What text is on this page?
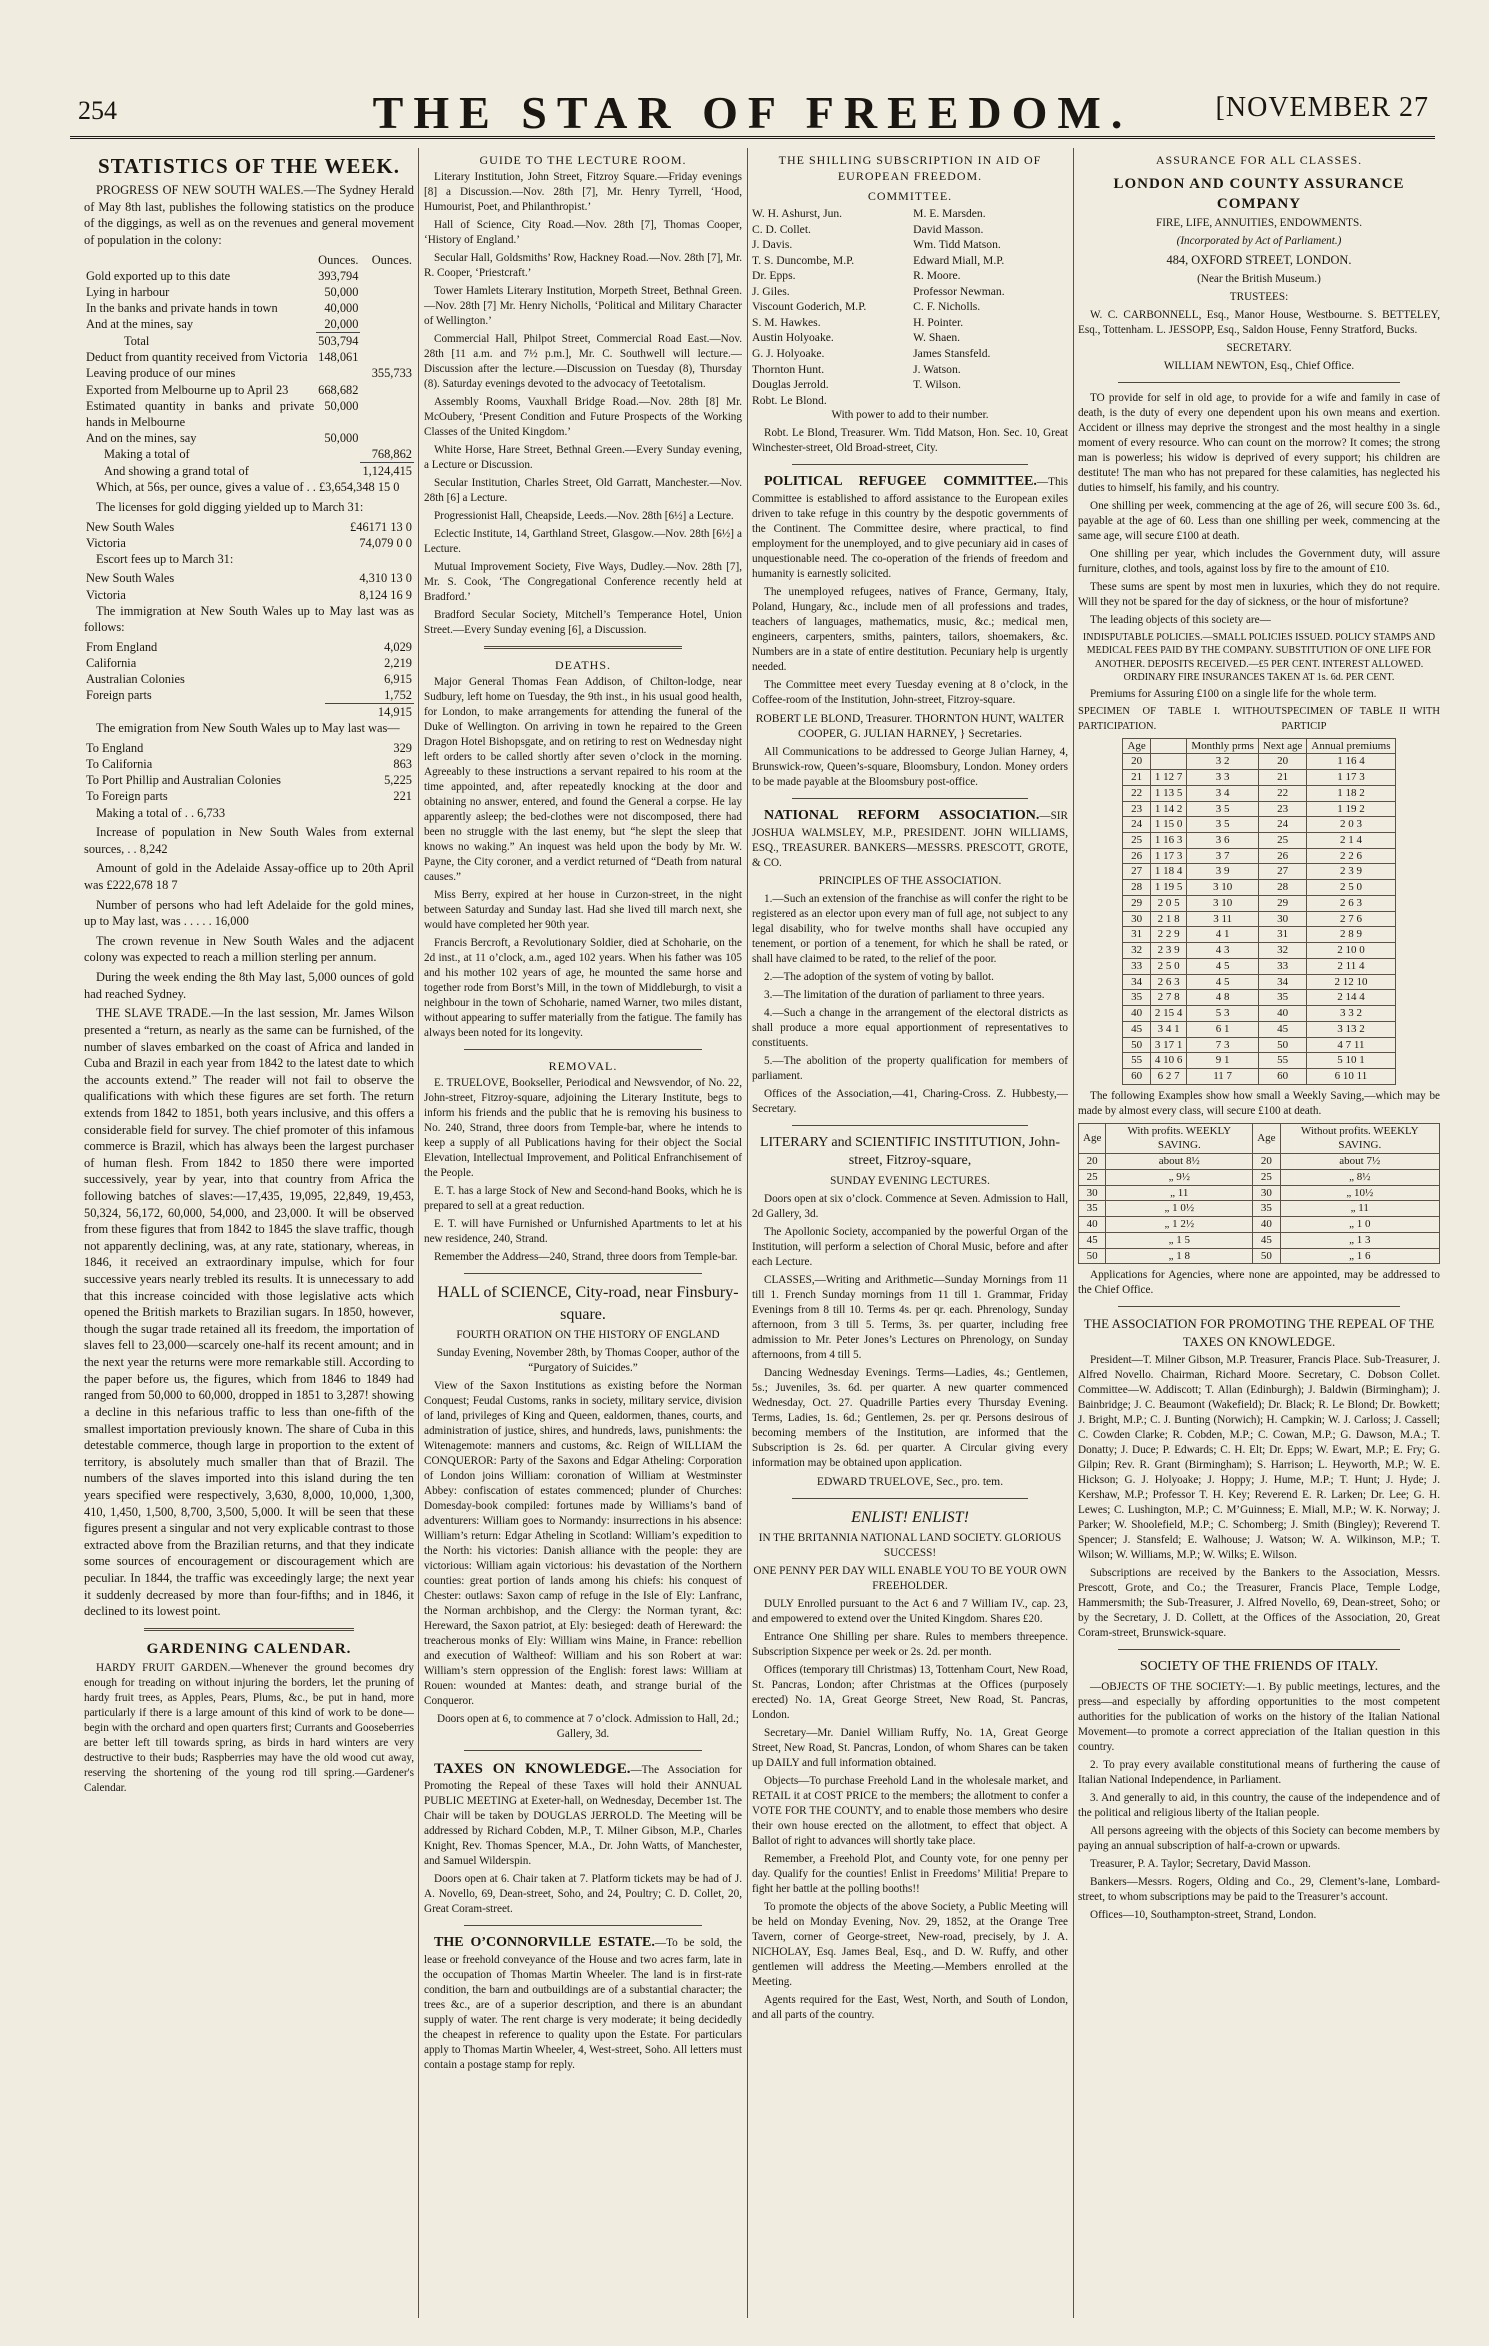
254	THE STAR OF FREEDOM.	[NOVEMBER 27
STATISTICS OF THE WEEK.

PROGRESS OF NEW SOUTH WALES.—The Sydney Herald of May 8th last, publishes the following statistics on the produce of the diggings, as well as on the revenues and general movement of population in the colony:

	Ounces.	Ounces.
Gold exported up to this date	393,794	
Lying in harbour	50,000	
In the banks and private hands in town	40,000	
And at the mines, say	20,000	
Total	503,794	
Deduct from quantity received from Victoria	148,061	
Leaving produce of our mines		355,733
Exported from Melbourne up to April 23	668,682	
Estimated quantity in banks and private hands in Melbourne	50,000	
And on the mines, say	50,000	
Making a total of		768,862
And showing a grand total of		1,124,415

Which, at 56s, per ounce, gives a value of . . £3,654,348 15 0

The licenses for gold digging yielded up to March 31:

New South Wales	£46171 13 0
Victoria	74,079 0 0

Escort fees up to March 31:

New South Wales	4,310 13 0
Victoria	8,124 16 9

The immigration at New South Wales up to May last was as follows:

From England	4,029
California	2,219
Australian Colonies	6,915
Foreign parts	1,752
	14,915

The emigration from New South Wales up to May last was—

To England	329
To California	863
To Port Phillip and Australian Colonies	5,225
To Foreign parts	221

Making a total of . . 6,733

Increase of population in New South Wales from external sources, . . 8,242

Amount of gold in the Adelaide Assay-office up to 20th April was £222,678 18 7

Number of persons who had left Adelaide for the gold mines, up to May last, was . . . . . 16,000

The crown revenue in New South Wales and the adjacent colony was expected to reach a million sterling per annum.

During the week ending the 8th May last, 5,000 ounces of gold had reached Sydney.

THE SLAVE TRADE.—In the last session, Mr. James Wilson presented a “return, as nearly as the same can be furnished, of the number of slaves embarked on the coast of Africa and landed in Cuba and Brazil in each year from 1842 to the latest date to which the accounts extend.” The reader will not fail to observe the qualifications with which these figures are set forth. The return extends from 1842 to 1851, both years inclusive, and this offers a considerable field for survey. The chief promoter of this infamous commerce is Brazil, which has always been the largest purchaser of human flesh. From 1842 to 1850 there were imported successively, year by year, into that country from Africa the following batches of slaves:—17,435, 19,095, 22,849, 19,453, 50,324, 56,172, 60,000, 54,000, and 23,000. It will be observed from these figures that from 1842 to 1845 the slave traffic, though not apparently declining, was, at any rate, stationary, whereas, in 1846, it received an extraordinary impulse, which for four successive years nearly trebled its results. It is unnecessary to add that this increase coincided with those legislative acts which opened the British markets to Brazilian sugars. In 1850, however, though the sugar trade retained all its freedom, the importation of slaves fell to 23,000—scarcely one-half its recent amount; and in the next year the returns were more remarkable still. According to the paper before us, the figures, which from 1846 to 1849 had ranged from 50,000 to 60,000, dropped in 1851 to 3,287! showing a decline in this nefarious traffic to less than one-fifth of the smallest importation previously known. The share of Cuba in this detestable commerce, though large in proportion to the extent of territory, is absolutely much smaller than that of Brazil. The numbers of the slaves imported into this island during the ten years specified were respectively, 3,630, 8,000, 10,000, 1,300, 410, 1,450, 1,500, 8,700, 3,500, 5,000. It will be seen that these figures present a singular and not very explicable contrast to those extracted above from the Brazilian returns, and that they indicate some sources of encouragement or discouragement which are peculiar. In 1844, the traffic was exceedingly large; the next year it suddenly decreased by more than four-fifths; and in 1846, it declined to its lowest point.

GARDENING CALENDAR.

HARDY FRUIT GARDEN.—Whenever the ground becomes dry enough for treading on without injuring the borders, let the pruning of hardy fruit trees, as Apples, Pears, Plums, &c., be put in hand, more particularly if there is a large amount of this kind of work to be done—begin with the orchard and open quarters first; Currants and Gooseberries are better left till towards spring, as birds in hard winters are very destructive to their buds; Raspberries may have the old wood cut away, reserving the shortening of the young rod till spring.—Gardener's Calendar.

GUIDE TO THE LECTURE ROOM.

Literary Institution, John Street, Fitzroy Square.—Friday evenings [8] a Discussion.—Nov. 28th [7], Mr. Henry Tyrrell, ‘Hood, Humourist, Poet, and Philanthropist.’

Hall of Science, City Road.—Nov. 28th [7], Thomas Cooper, ‘History of England.’

Secular Hall, Goldsmiths’ Row, Hackney Road.—Nov. 28th [7], Mr. R. Cooper, ‘Priestcraft.’

Tower Hamlets Literary Institution, Morpeth Street, Bethnal Green.—Nov. 28th [7] Mr. Henry Nicholls, ‘Political and Military Character of Wellington.’

Commercial Hall, Philpot Street, Commercial Road East.—Nov. 28th [11 a.m. and 7½ p.m.], Mr. C. Southwell will lecture.—Discussion after the lecture.—Discussion on Tuesday (8), Thursday (8). Saturday evenings devoted to the advocacy of Teetotalism.

Assembly Rooms, Vauxhall Bridge Road.—Nov. 28th [8] Mr. McOubery, ‘Present Condition and Future Prospects of the Working Classes of the United Kingdom.’

White Horse, Hare Street, Bethnal Green.—Every Sunday evening, a Lecture or Discussion.

Secular Institution, Charles Street, Old Garratt, Manchester.—Nov. 28th [6] a Lecture.

Progressionist Hall, Cheapside, Leeds.—Nov. 28th [6½] a Lecture.

Eclectic Institute, 14, Garthland Street, Glasgow.—Nov. 28th [6½] a Lecture.

Mutual Improvement Society, Five Ways, Dudley.—Nov. 28th [7], Mr. S. Cook, ‘The Congregational Conference recently held at Bradford.’

Bradford Secular Society, Mitchell’s Temperance Hotel, Union Street.—Every Sunday evening [6], a Discussion.

DEATHS.

Major General Thomas Fean Addison, of Chilton-lodge, near Sudbury, left home on Tuesday, the 9th inst., in his usual good health, for London, to make arrangements for attending the funeral of the Duke of Wellington. On arriving in town he repaired to the Green Dragon Hotel Bishopsgate, and on retiring to rest on Wednesday night left orders to be called shortly after seven o’clock in the morning. Agreeably to these instructions a servant repaired to his room at the time appointed, and, after repeatedly knocking at the door and obtaining no answer, entered, and found the General a corpse. He lay apparently asleep; the bed-clothes were not discomposed, there had been no struggle with the last enemy, but “he slept the sleep that knows no waking.” An inquest was held upon the body by Mr. W. Payne, the City coroner, and a verdict returned of “Death from natural causes.”

Miss Berry, expired at her house in Curzon-street, in the night between Saturday and Sunday last. Had she lived till march next, she would have completed her 90th year.

Francis Bercroft, a Revolutionary Soldier, died at Schoharie, on the 2d inst., at 11 o’clock, a.m., aged 102 years. When his father was 105 and his mother 102 years of age, he mounted the same horse and together rode from Borst’s Mill, in the town of Middleburgh, to visit a neighbour in the town of Schoharie, named Warner, two miles distant, without appearing to suffer materially from the fatigue. The family has always been noted for its longevity.

REMOVAL.

E. TRUELOVE, Bookseller, Periodical and Newsvendor, of No. 22, John-street, Fitzroy-square, adjoining the Literary Institute, begs to inform his friends and the public that he is removing his business to No. 240, Strand, three doors from Temple-bar, where he intends to keep a supply of all Publications having for their object the Social Elevation, Intellectual Improvement, and Political Enfranchisement of the People.

E. T. has a large Stock of New and Second-hand Books, which he is prepared to sell at a great reduction.

E. T. will have Furnished or Unfurnished Apartments to let at his new residence, 240, Strand.

Remember the Address—240, Strand, three doors from Temple-bar.

HALL of SCIENCE, City-road, near Finsbury-square.

FOURTH ORATION ON THE HISTORY OF ENGLAND

Sunday Evening, November 28th, by Thomas Cooper, author of the “Purgatory of Suicides.”

View of the Saxon Institutions as existing before the Norman Conquest; Feudal Customs, ranks in society, military service, division of land, privileges of King and Queen, ealdormen, thanes, courts, and administration of justice, shires, and hundreds, laws, punishments: the Witenagemote: manners and customs, &c. Reign of WILLIAM the CONQUEROR: Party of the Saxons and Edgar Atheling: Corporation of London joins William: coronation of William at Westminster Abbey: confiscation of estates commenced; plunder of Churches: Domesday-book compiled: fortunes made by Williams’s band of adventurers: William goes to Normandy: insurrections in his absence: William’s return: Edgar Atheling in Scotland: William’s expedition to the North: his victories: Danish alliance with the people: they are victorious: William again victorious: his devastation of the Northern counties: great portion of lands among his chiefs: his conquest of Chester: outlaws: Saxon camp of refuge in the Isle of Ely: Lanfranc, the Norman archbishop, and the Clergy: the Norman tyrant, &c: Hereward, the Saxon patriot, at Ely: besieged: death of Hereward: the treacherous monks of Ely: William wins Maine, in France: rebellion and execution of Waltheof: William and his son Robert at war: William’s stern oppression of the English: forest laws: William at Rouen: wounded at Mantes: death, and strange burial of the Conqueror.

Doors open at 6, to commence at 7 o’clock. Admission to Hall, 2d.; Gallery, 3d.

TAXES ON KNOWLEDGE.—The Association for Promoting the Repeal of these Taxes will hold their ANNUAL PUBLIC MEETING at Exeter-hall, on Wednesday, December 1st. The Chair will be taken by DOUGLAS JERROLD. The Meeting will be addressed by Richard Cobden, M.P., T. Milner Gibson, M.P., Charles Knight, Rev. Thomas Spencer, M.A., Dr. John Watts, of Manchester, and Samuel Wilderspin.

Doors open at 6. Chair taken at 7. Platform tickets may be had of J. A. Novello, 69, Dean-street, Soho, and 24, Poultry; C. D. Collet, 20, Great Coram-street.

THE O’CONNORVILLE ESTATE.—To be sold, the lease or freehold conveyance of the House and two acres farm, late in the occupation of Thomas Martin Wheeler. The land is in first-rate condition, the barn and outbuildings are of a substantial character; the trees &c., are of a superior description, and there is an abundant supply of water. The rent charge is very moderate; it being decidedly the cheapest in reference to quality upon the Estate. For particulars apply to Thomas Martin Wheeler, 4, West-street, Soho. All letters must contain a postage stamp for reply.

THE SHILLING SUBSCRIPTION IN AID OF EUROPEAN FREEDOM.
COMMITTEE.
W. H. Ashurst, Jun.
C. D. Collet.
J. Davis.
T. S. Duncombe, M.P.
Dr. Epps.
J. Giles.
Viscount Goderich, M.P.
S. M. Hawkes.
Austin Holyoake.
G. J. Holyoake.
Thornton Hunt.
Douglas Jerrold.
Robt. Le Blond.
M. E. Marsden.
David Masson.
Wm. Tidd Matson.
Edward Miall, M.P.
R. Moore.
Professor Newman.
C. F. Nicholls.
H. Pointer.
W. Shaen.
James Stansfeld.
J. Watson.
T. Wilson.

With power to add to their number.

Robt. Le Blond, Treasurer. Wm. Tidd Matson, Hon. Sec. 10, Great Winchester-street, Old Broad-street, City.

POLITICAL REFUGEE COMMITTEE.—This Committee is established to afford assistance to the European exiles driven to take refuge in this country by the despotic governments of the Continent. The Committee desire, where practical, to find employment for the unemployed, and to give pecuniary aid in cases of unquestionable need. The co-operation of the friends of freedom and humanity is earnestly solicited.

The unemployed refugees, natives of France, Germany, Italy, Poland, Hungary, &c., include men of all professions and trades, teachers of languages, mathematics, music, &c.; medical men, engineers, carpenters, smiths, painters, tailors, shoemakers, &c. Numbers are in a state of entire destitution. Pecuniary help is urgently needed.

The Committee meet every Tuesday evening at 8 o’clock, in the Coffee-room of the Institution, John-street, Fitzroy-square.

ROBERT LE BLOND, Treasurer. THORNTON HUNT, WALTER COOPER, G. JULIAN HARNEY, } Secretaries.

All Communications to be addressed to George Julian Harney, 4, Brunswick-row, Queen’s-square, Bloomsbury, London. Money orders to be made payable at the Bloomsbury post-office.

NATIONAL REFORM ASSOCIATION.—SIR JOSHUA WALMSLEY, M.P., PRESIDENT. JOHN WILLIAMS, ESQ., TREASURER. BANKERS—MESSRS. PRESCOTT, GROTE, & CO.

PRINCIPLES OF THE ASSOCIATION.

1.—Such an extension of the franchise as will confer the right to be registered as an elector upon every man of full age, not subject to any legal disability, who for twelve months shall have occupied any tenement, or portion of a tenement, for which he shall be rated, or shall have claimed to be rated, to the relief of the poor.

2.—The adoption of the system of voting by ballot.

3.—The limitation of the duration of parliament to three years.

4.—Such a change in the arrangement of the electoral districts as shall produce a more equal apportionment of representatives to constituents.

5.—The abolition of the property qualification for members of parliament.

Offices of the Association,—41, Charing-Cross. Z. Hubbesty,—Secretary.

LITERARY and SCIENTIFIC INSTITUTION, John-street, Fitzroy-square,

SUNDAY EVENING LECTURES.

Doors open at six o’clock. Commence at Seven. Admission to Hall, 2d Gallery, 3d.

The Apollonic Society, accompanied by the powerful Organ of the Institution, will perform a selection of Choral Music, before and after each Lecture.

CLASSES,—Writing and Arithmetic—Sunday Mornings from 11 till 1. French Sunday mornings from 11 till 1. Grammar, Friday Evenings from 8 till 10. Terms 4s. per qr. each. Phrenology, Sunday afternoon, from 3 till 5. Terms, 3s. per quarter, including free admission to Mr. Peter Jones’s Lectures on Phrenology, on Sunday afternoons, from 4 till 5.

Dancing Wednesday Evenings. Terms—Ladies, 4s.; Gentlemen, 5s.; Juveniles, 3s. 6d. per quarter. A new quarter commenced Wednesday, Oct. 27. Quadrille Parties every Thursday Evening. Terms, Ladies, 1s. 6d.; Gentlemen, 2s. per qr. Persons desirous of becoming members of the Institution, are informed that the Subscription is 2s. 6d. per quarter. A Circular giving every information may be obtained upon application.

EDWARD TRUELOVE, Sec., pro. tem.

ENLIST! ENLIST!

IN THE BRITANNIA NATIONAL LAND SOCIETY. GLORIOUS SUCCESS!

ONE PENNY PER DAY WILL ENABLE YOU TO BE YOUR OWN FREEHOLDER.

DULY Enrolled pursuant to the Act 6 and 7 William IV., cap. 23, and empowered to extend over the United Kingdom. Shares £20.

Entrance One Shilling per share. Rules to members threepence. Subscription Sixpence per week or 2s. 2d. per month.

Offices (temporary till Christmas) 13, Tottenham Court, New Road, St. Pancras, London; after Christmas at the Offices (purposely erected) No. 1A, Great George Street, New Road, St. Pancras, London.

Secretary—Mr. Daniel William Ruffy, No. 1A, Great George Street, New Road, St. Pancras, London, of whom Shares can be taken up DAILY and full information obtained.

Objects—To purchase Freehold Land in the wholesale market, and RETAIL it at COST PRICE to the members; the allotment to confer a VOTE FOR THE COUNTY, and to enable those members who desire their own house erected on the allotment, to effect that object. A Ballot of right to advances will shortly take place.

Remember, a Freehold Plot, and County vote, for one penny per day. Qualify for the counties! Enlist in Freedoms’ Militia! Prepare to fight her battle at the polling booths!!

To promote the objects of the above Society, a Public Meeting will be held on Monday Evening, Nov. 29, 1852, at the Orange Tree Tavern, corner of George-street, New-road, precisely, by J. A. NICHOLAY, Esq. James Beal, Esq., and D. W. Ruffy, and other gentlemen will address the Meeting.—Members enrolled at the Meeting.

Agents required for the East, West, North, and South of London, and all parts of the country.

ASSURANCE FOR ALL CLASSES.
LONDON AND COUNTY ASSURANCE COMPANY

FIRE, LIFE, ANNUITIES, ENDOWMENTS.

(Incorporated by Act of Parliament.)

484, OXFORD STREET, LONDON.

(Near the British Museum.)

TRUSTEES:

W. C. CARBONNELL, Esq., Manor House, Westbourne. S. BETTELEY, Esq., Tottenham. L. JESSOPP, Esq., Saldon House, Fenny Stratford, Bucks.

SECRETARY.

WILLIAM NEWTON, Esq., Chief Office.

TO provide for self in old age, to provide for a wife and family in case of death, is the duty of every one dependent upon his own means and exertion. Accident or illness may deprive the strongest and the most healthy in a single moment of every resource. Who can count on the morrow? It comes; the strong man is powerless; his widow is deprived of every support; his children are destitute! The man who has not prepared for these calamities, has neglected his duties to himself, his family, and his country.

One shilling per week, commencing at the age of 26, will secure £00 3s. 6d., payable at the age of 60. Less than one shilling per week, commencing at the same age, will secure £100 at death.

One shilling per year, which includes the Government duty, will assure furniture, clothes, and tools, against loss by fire to the amount of £10.

These sums are spent by most men in luxuries, which they do not require. Will they not be spared for the day of sickness, or the hour of misfortune?

The leading objects of this society are—

INDISPUTABLE POLICIES.—SMALL POLICIES ISSUED. POLICY STAMPS AND MEDICAL FEES PAID BY THE COMPANY. SUBSTITUTION OF ONE LIFE FOR ANOTHER. DEPOSITS RECEIVED.—£5 PER CENT. INTEREST ALLOWED. ORDINARY FIRE INSURANCES TAKEN AT 1s. 6d. PER CENT.

Premiums for Assuring £100 on a single life for the whole term.

SPECIMEN OF TABLE I. WITHOUT PARTICIPATION.
SPECIMEN OF TABLE II WITH PARTICIP
Age		Monthly prms	Next age	Annual premiums
20		3 2	20	1 16 4
21	1 12 7	3 3	21	1 17 3
22	1 13 5	3 4	22	1 18 2
23	1 14 2	3 5	23	1 19 2
24	1 15 0	3 5	24	2 0 3
25	1 16 3	3 6	25	2 1 4
26	1 17 3	3 7	26	2 2 6
27	1 18 4	3 9	27	2 3 9
28	1 19 5	3 10	28	2 5 0
29	2 0 5	3 10	29	2 6 3
30	2 1 8	3 11	30	2 7 6
31	2 2 9	4 1	31	2 8 9
32	2 3 9	4 3	32	2 10 0
33	2 5 0	4 5	33	2 11 4
34	2 6 3	4 5	34	2 12 10
35	2 7 8	4 8	35	2 14 4
40	2 15 4	5 3	40	3 3 2
45	3 4 1	6 1	45	3 13 2
50	3 17 1	7 3	50	4 7 11
55	4 10 6	9 1	55	5 10 1
60	6 2 7	11 7	60	6 10 11

The following Examples show how small a Weekly Saving,—which may be made by almost every class, will secure £100 at death.

Age	With profits. WEEKLY SAVING.	Age	Without profits. WEEKLY SAVING.
20	about 8½	20	about 7½
25	„ 9½	25	„ 8½
30	„ 11	30	„ 10½
35	„ 1 0½	35	„ 11
40	„ 1 2½	40	„ 1 0
45	„ 1 5	45	„ 1 3
50	„ 1 8	50	„ 1 6

Applications for Agencies, where none are appointed, may be addressed to the Chief Office.

THE ASSOCIATION FOR PROMOTING THE REPEAL OF THE TAXES ON KNOWLEDGE.

President—T. Milner Gibson, M.P. Treasurer, Francis Place. Sub-Treasurer, J. Alfred Novello. Chairman, Richard Moore. Secretary, C. Dobson Collet. Committee—W. Addiscott; T. Allan (Edinburgh); J. Baldwin (Birmingham); J. Bainbridge; J. C. Beaumont (Wakefield); Dr. Black; R. Le Blond; Dr. Bowkett; J. Bright, M.P.; C. J. Bunting (Norwich); H. Campkin; W. J. Carloss; J. Cassell; C. Cowden Clarke; R. Cobden, M.P.; C. Cowan, M.P.; G. Dawson, M.A.; T. Donatty; J. Duce; P. Edwards; C. H. Elt; Dr. Epps; W. Ewart, M.P.; E. Fry; G. Gilpin; Rev. R. Grant (Birmingham); S. Harrison; L. Heyworth, M.P.; W. E. Hickson; G. J. Holyoake; J. Hoppy; J. Hume, M.P.; T. Hunt; J. Hyde; J. Kershaw, M.P.; Professor T. H. Key; Reverend E. R. Larken; Dr. Lee; G. H. Lewes; C. Lushington, M.P.; C. M’Guinness; E. Miall, M.P.; W. K. Norway; J. Parker; W. Shoolefield, M.P.; C. Schomberg; J. Smith (Bingley); Reverend T. Spencer; J. Stansfeld; E. Walhouse; J. Watson; W. A. Wilkinson, M.P.; T. Wilson; W. Williams, M.P.; W. Wilks; E. Wilson.

Subscriptions are received by the Bankers to the Association, Messrs. Prescott, Grote, and Co.; the Treasurer, Francis Place, Temple Lodge, Hammersmith; the Sub-Treasurer, J. Alfred Novello, 69, Dean-street, Soho; or by the Secretary, J. D. Collett, at the Offices of the Association, 20, Great Coram-street, Brunswick-square.

SOCIETY OF THE FRIENDS OF ITALY.

—OBJECTS OF THE SOCIETY:—1. By public meetings, lectures, and the press—and especially by affording opportunities to the most competent authorities for the publication of works on the history of the Italian National Movement—to promote a correct appreciation of the Italian question in this country.

2. To pray every available constitutional means of furthering the cause of Italian National Independence, in Parliament.

3. And generally to aid, in this country, the cause of the independence and of the political and religious liberty of the Italian people.

All persons agreeing with the objects of this Society can become members by paying an annual subscription of half-a-crown or upwards.

Treasurer, P. A. Taylor; Secretary, David Masson.

Bankers—Messrs. Rogers, Olding and Co., 29, Clement’s-lane, Lombard-street, to whom subscriptions may be paid to the Treasurer’s account.

Offices—10, Southampton-street, Strand, London.
